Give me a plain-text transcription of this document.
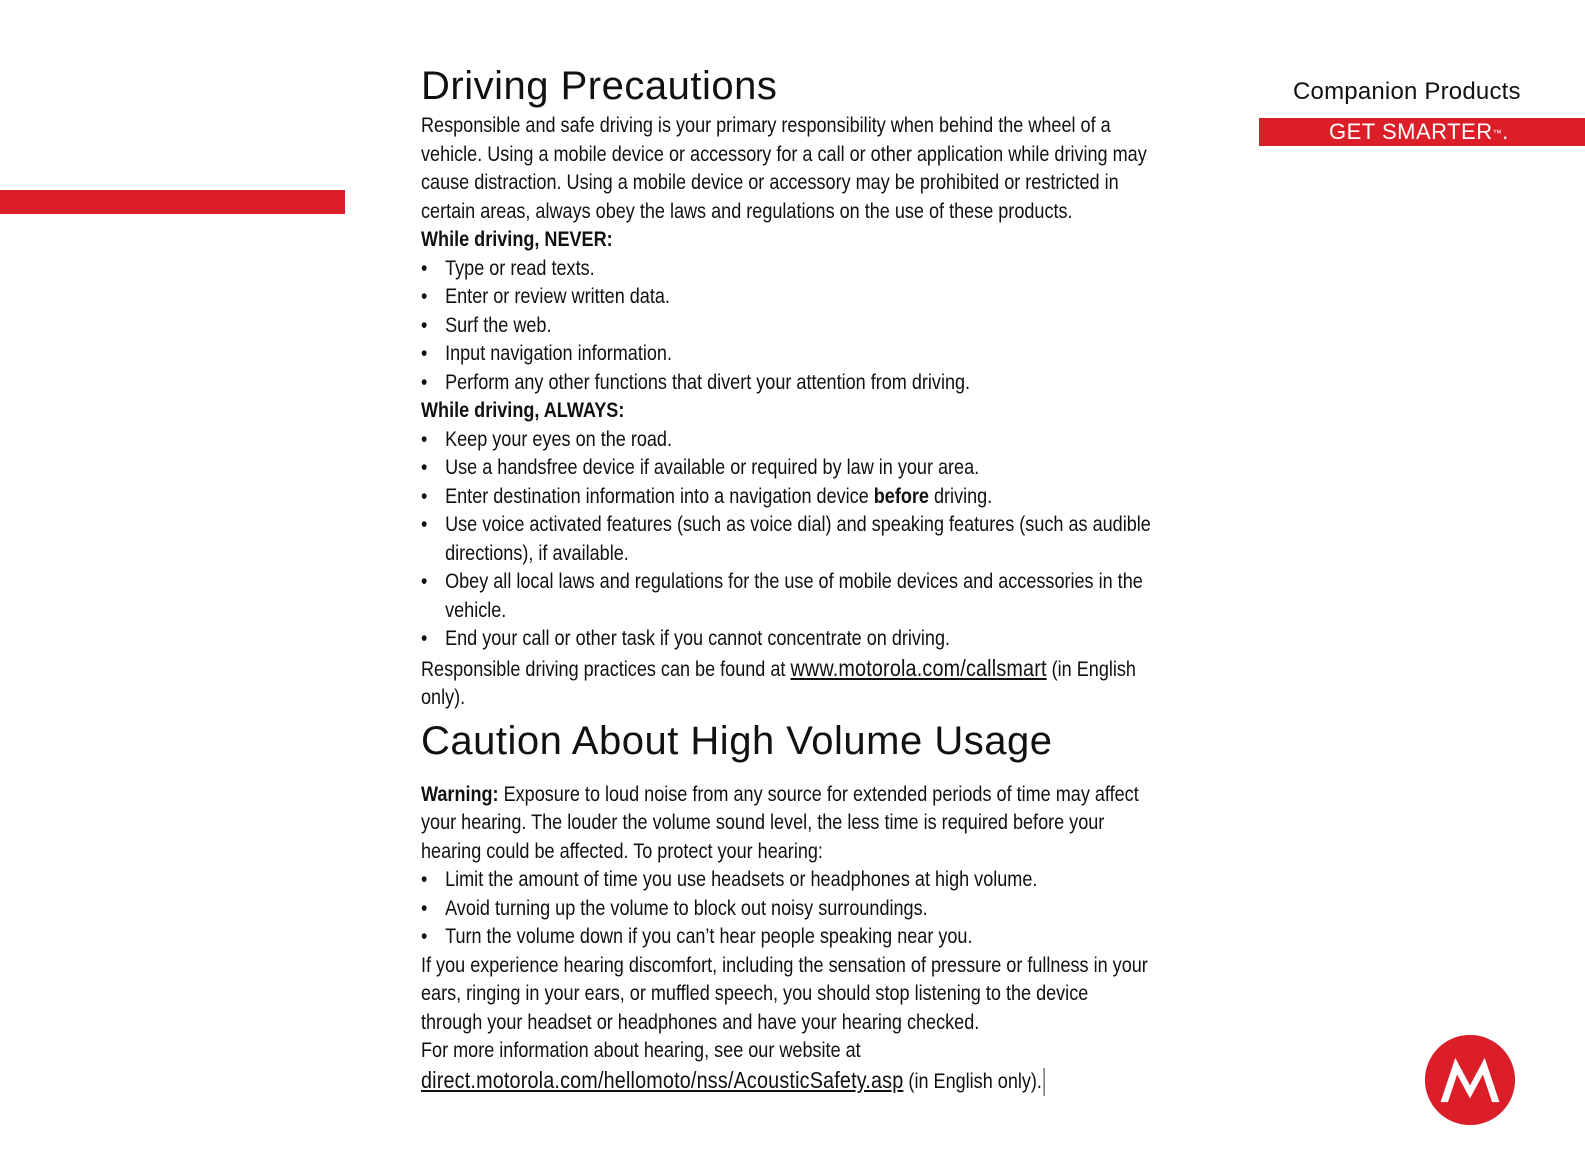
Companion Products
GET SMARTER™ .
Driving Precautions

Responsible and safe driving is your primary responsibility when behind the wheel of a vehicle. Using a mobile device or accessory for a call or other application while driving may cause distraction. Using a mobile device or accessory may be prohibited or restricted in certain areas, always obey the laws and regulations on the use of these products.

While driving, NEVER:

• Type or read texts.
• Enter or review written data.
• Surf the web.
• Input navigation information.
• Perform any other functions that divert your attention from driving.

While driving, ALWAYS:

• Keep your eyes on the road.
• Use a handsfree device if available or required by law in your area.
• Enter destination information into a navigation device before driving.
• Use voice activated features (such as voice dial) and speaking features (such as audible directions), if available.
• Obey all local laws and regulations for the use of mobile devices and accessories in the vehicle.
• End your call or other task if you cannot concentrate on driving.

Responsible driving practices can be found at www.motorola.com/callsmart (in English only).

Caution About High Volume Usage

Warning: Exposure to loud noise from any source for extended periods of time may affect your hearing. The louder the volume sound level, the less time is required before your hearing could be affected. To protect your hearing:

• Limit the amount of time you use headsets or headphones at high volume.
• Avoid turning up the volume to block out noisy surroundings.
• Turn the volume down if you can’t hear people speaking near you.

If you experience hearing discomfort, including the sensation of pressure or fullness in your ears, ringing in your ears, or muffled speech, you should stop listening to the device through your headset or headphones and have your hearing checked.

For more information about hearing, see our website at

direct.motorola.com/hellomoto/nss/AcousticSafety.asp (in English only).
